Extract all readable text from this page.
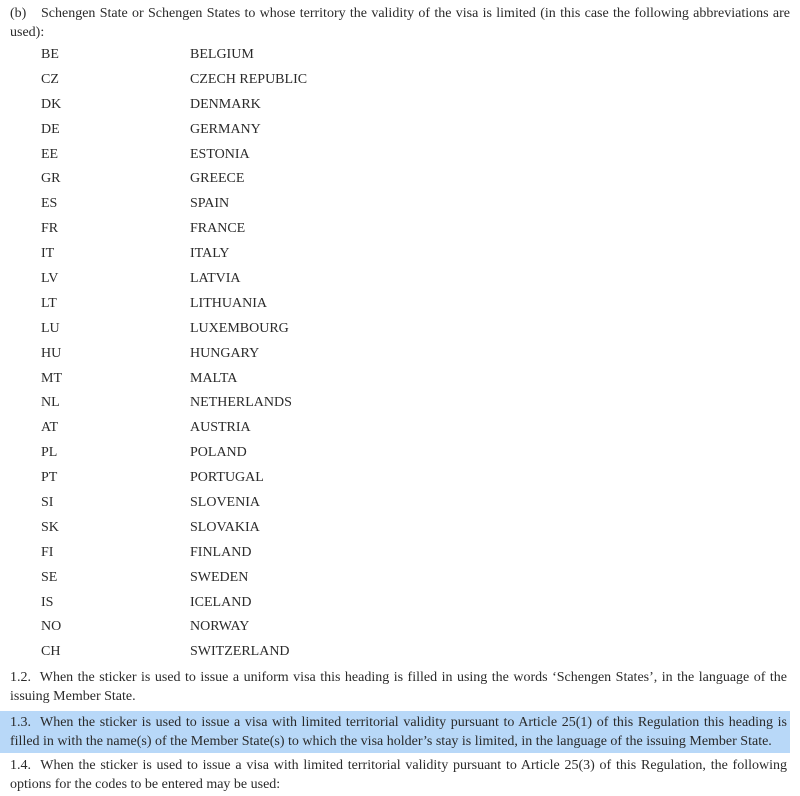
(b) Schengen State or Schengen States to whose territory the validity of the visa is limited (in this case the following abbreviations are used):
BE	BELGIUM
CZ	CZECH REPUBLIC
DK	DENMARK
DE	GERMANY
EE	ESTONIA
GR	GREECE
ES	SPAIN
FR	FRANCE
IT	ITALY
LV	LATVIA
LT	LITHUANIA
LU	LUXEMBOURG
HU	HUNGARY
MT	MALTA
NL	NETHERLANDS
AT	AUSTRIA
PL	POLAND
PT	PORTUGAL
SI	SLOVENIA
SK	SLOVAKIA
FI	FINLAND
SE	SWEDEN
IS	ICELAND
NO	NORWAY
CH	SWITZERLAND
1.2. When the sticker is used to issue a uniform visa this heading is filled in using the words ‘Schengen States’, in the language of the issuing Member State.
1.3. When the sticker is used to issue a visa with limited territorial validity pursuant to Article 25(1) of this Regulation this heading is filled in with the name(s) of the Member State(s) to which the visa holder’s stay is limited, in the language of the issuing Member State.
1.4. When the sticker is used to issue a visa with limited territorial validity pursuant to Article 25(3) of this Regulation, the following options for the codes to be entered may be used:
